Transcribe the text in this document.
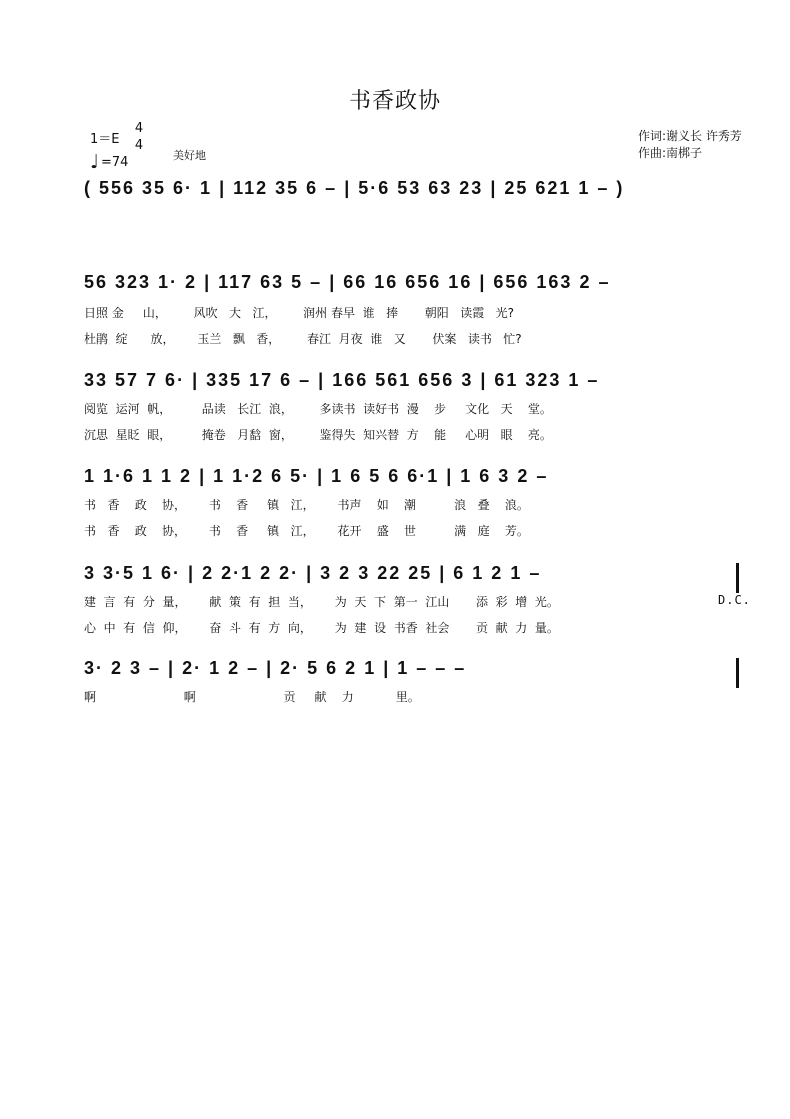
书香政协
1＝E
4
4
♩ =74	美好地
作词:谢义长 许秀芳
作曲:南梆子
( 556 35 6· 1 | 112 35 6 – | 5·6 53 63 23 | 25 621 1 – )
56 323 1· 2 | 117 63 5 – | 66 16 656 16 | 656 163 2 –
日照 金     山，       风吹   大   江，       润州 春早  谁   捧       朝阳   读霞   光?
杜鹃  绽      放，      玉兰   飘   香，       春江  月夜  谁   又       伏案   读书   忙?
33 57 7 6· | 335 17 6 – | 166 561 656 3 | 61 323 1 –
阅览  运河  帆，        品读   长江  浪，       多读书  读好书  漫    步     文化   天    堂。
沉思  星眨  眼，        掩卷   月馠  窗，       鉴得失  知兴替  方    能     心明   眼    亮。
1 1·6 1 1 2 | 1 1·2 6 5· | 1 6 5 6 6·1 | 1 6 3 2 –
书   香    政    协，      书    香     镇   江，      书声    如    潮          浪   叠    浪。
书   香    政    协，      书    香     镇   江，      花开    盛    世          满   庭    芳。
3 3·5 1 6· | 2 2·1 2 2· | 3 2 3 22 25 | 6 1 2 1 –
建  言  有  分  量，      献  策  有  担  当，      为  天  下  第一  江山       添  彩  增  光。
心  中  有  信  仰，      奋  斗  有  方  向，      为  建  设  书香  社会       贡  献  力  量。
D.C.
3· 2 3 – | 2· 1 2 – | 2· 5 6 2 1 | 1 – – –
啊                       啊                       贡     献    力           里。
